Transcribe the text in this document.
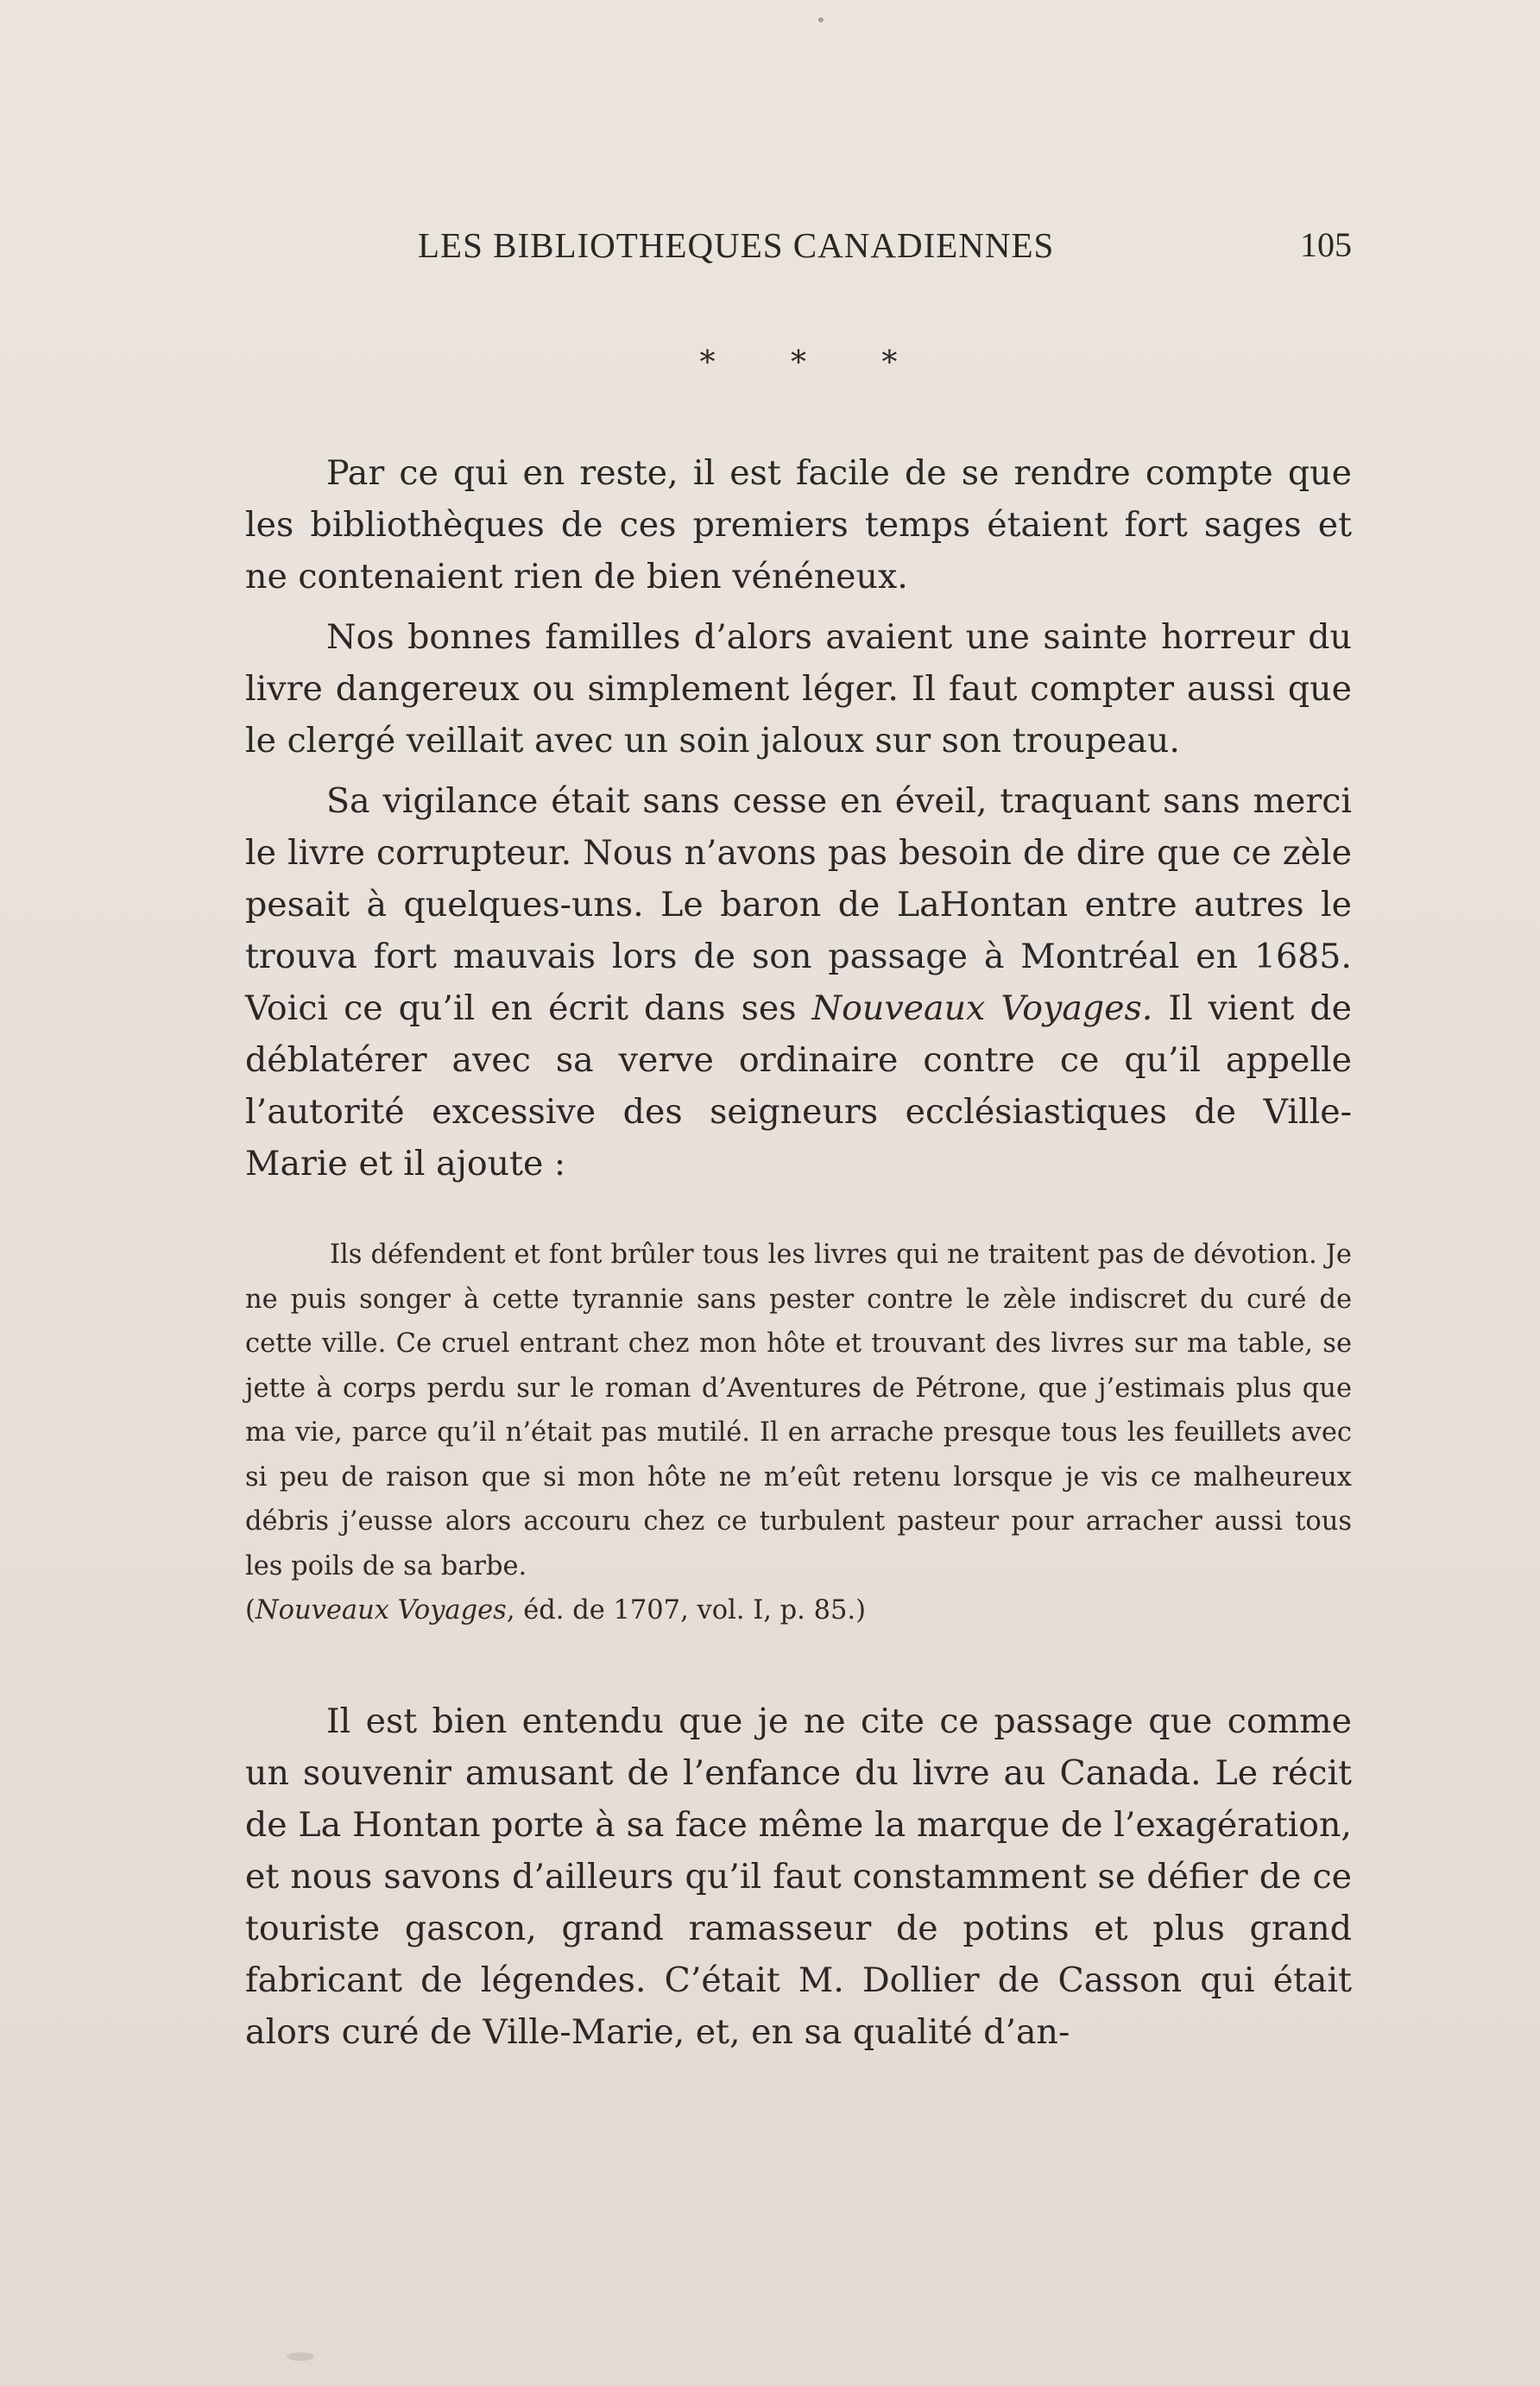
LES BIBLIOTHEQUES CANADIENNES	105
* * *

Par ce qui en reste, il est facile de se rendre compte que les bibliothèques de ces premiers temps étaient fort sages et ne contenaient rien de bien vénéneux.

Nos bonnes familles d’alors avaient une sainte horreur du livre dangereux ou simplement léger. Il faut compter aussi que le clergé veillait avec un soin jaloux sur son troupeau.

Sa vigilance était sans cesse en éveil, traquant sans merci le livre corrupteur. Nous n’avons pas besoin de dire que ce zèle pesait à quelques-uns. Le baron de LaHontan entre autres le trouva fort mauvais lors de son passage à Montréal en 1685. Voici ce qu’il en écrit dans ses Nouveaux Voyages. Il vient de déblatérer avec sa verve ordinaire contre ce qu’il appelle l’autorité excessive des seigneurs ecclésiastiques de Ville-Marie et il ajoute :

Ils défendent et font brûler tous les livres qui ne traitent pas de dévotion. Je ne puis songer à cette tyrannie sans pester contre le zèle indiscret du curé de cette ville. Ce cruel entrant chez mon hôte et trouvant des livres sur ma table, se jette à corps perdu sur le roman d’Aventures de Pétrone, que j’estimais plus que ma vie, parce qu’il n’était pas mutilé. Il en arrache presque tous les feuillets avec si peu de raison que si mon hôte ne m’eût retenu lorsque je vis ce malheureux débris j’eusse alors accouru chez ce turbulent pasteur pour arracher aussi tous les poils de sa barbe.
(Nouveaux Voyages, éd. de 1707, vol. I, p. 85.)

Il est bien entendu que je ne cite ce passage que comme un souvenir amusant de l’enfance du livre au Canada. Le récit de La Hontan porte à sa face même la marque de l’exagération, et nous savons d’ailleurs qu’il faut constamment se défier de ce touriste gascon, grand ramasseur de potins et plus grand fabricant de légendes. C’était M. Dollier de Casson qui était alors curé de Ville-Marie, et, en sa qualité d’an-
